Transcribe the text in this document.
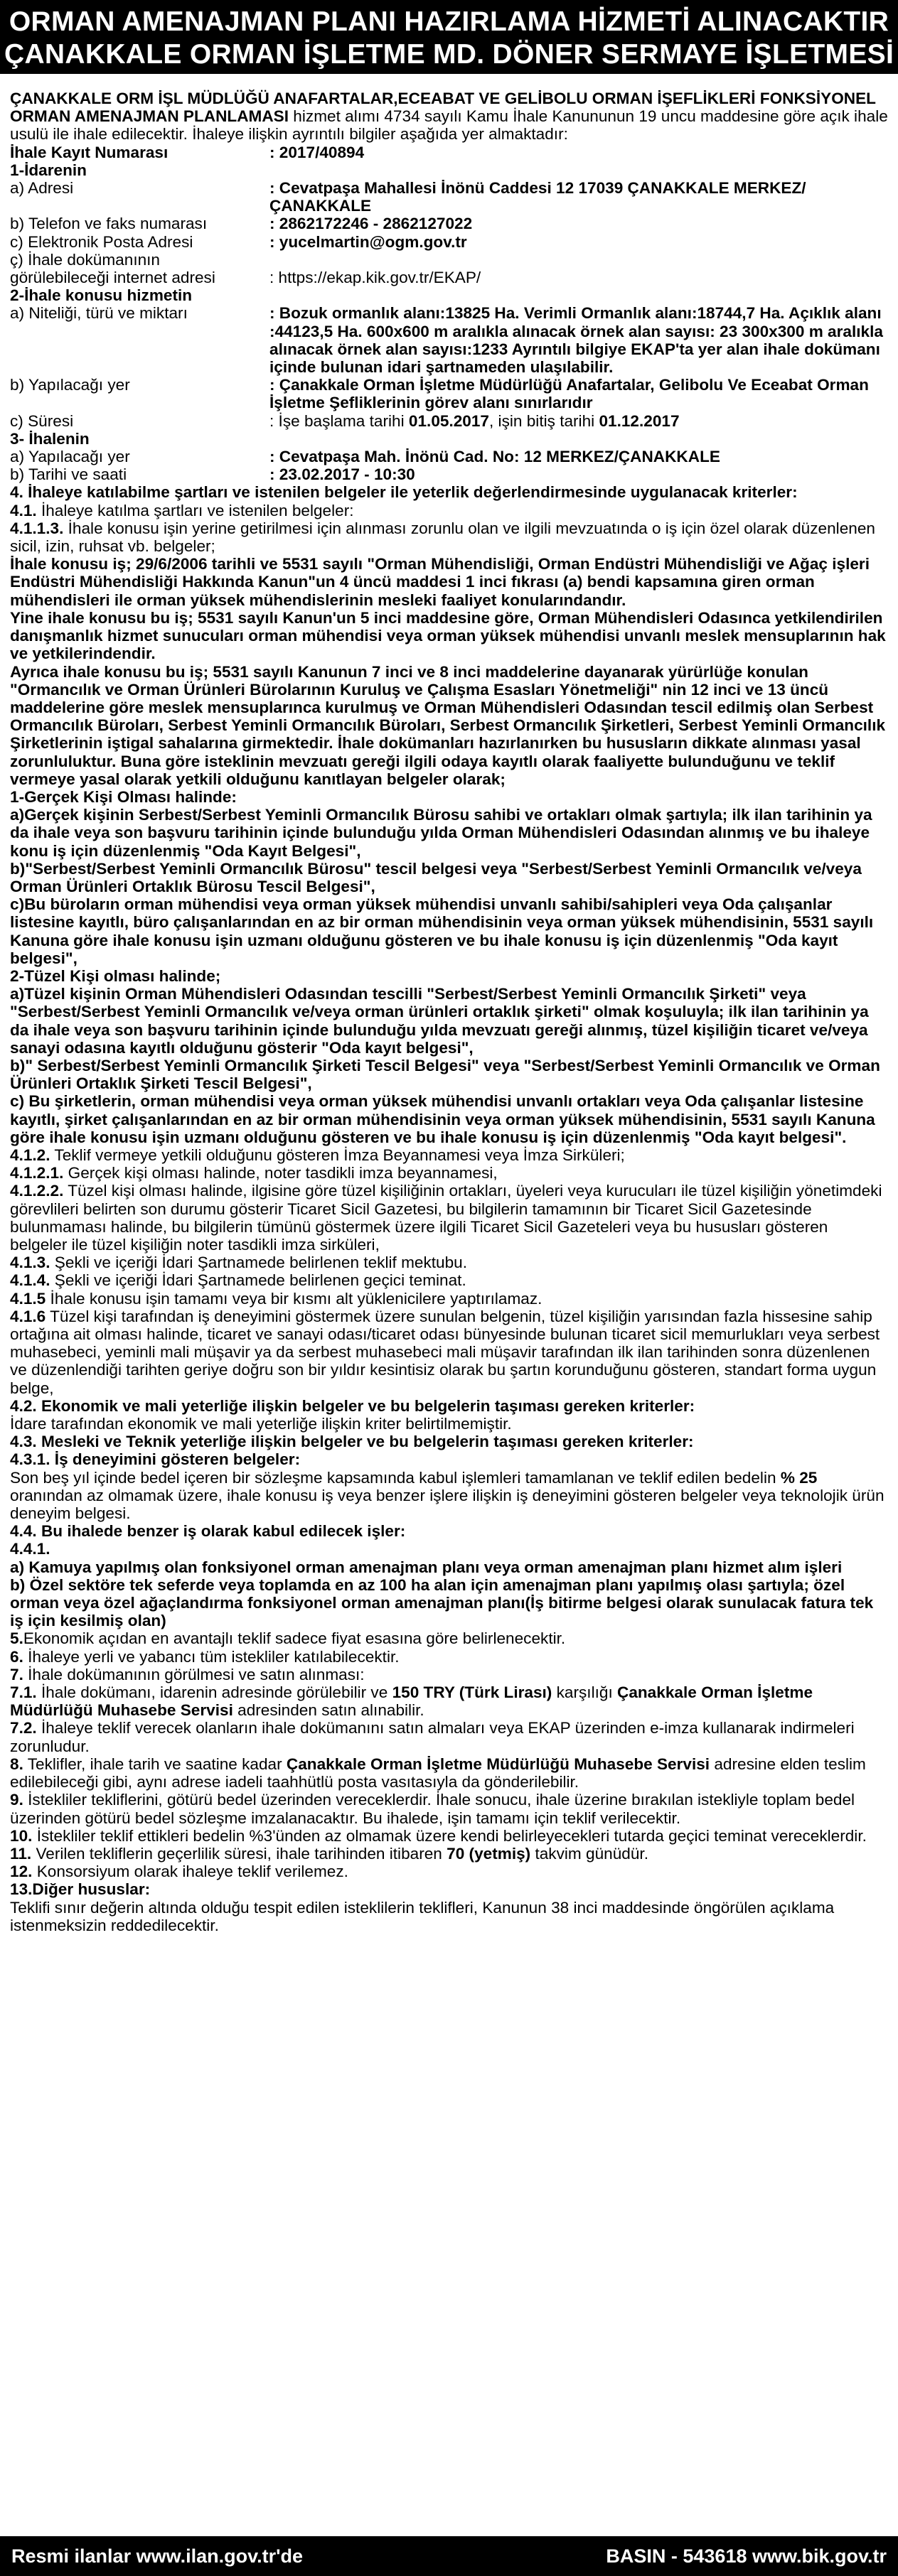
ORMAN AMENAJMAN PLANI HAZIRLAMA HİZMETİ ALINACAKTIR
ÇANAKKALE ORMAN İŞLETME MD. DÖNER SERMAYE İŞLETMESİ

ÇANAKKALE ORM İŞL MÜDLÜĞÜ ANAFARTALAR,ECEABAT VE GELİBOLU ORMAN İŞEFLİKLERİ FONKSİYONEL ORMAN AMENAJMAN PLANLAMASI hizmet alımı 4734 sayılı Kamu İhale Kanununun 19 uncu maddesine göre açık ihale usulü ile ihale edilecektir. İhaleye ilişkin ayrıntılı bilgiler aşağıda yer almaktadır:

İhale Kayıt Numarası	: 2017/40894

1-İdarenin

a) Adresi	: Cevatpaşa Mahallesi İnönü Caddesi 12 17039 ÇANAKKALE MERKEZ/ÇANAKKALE
b) Telefon ve faks numarası	: 2862172246 - 2862127022
c) Elektronik Posta Adresi	: yucelmartin@ogm.gov.tr

ç) İhale dokümanının

görülebileceği internet adresi	: https://ekap.kik.gov.tr/EKAP/

2-İhale konusu hizmetin

a) Niteliği, türü ve miktarı	: Bozuk ormanlık alanı:13825 Ha. Verimli Ormanlık alanı:18744,7 Ha. Açıklık alanı :44123,5 Ha. 600x600 m aralıkla alınacak örnek alan sayısı: 23 300x300 m aralıkla alınacak örnek alan sayısı:1233 Ayrıntılı bilgiye EKAP'ta yer alan ihale dokümanı içinde bulunan idari şartnameden ulaşılabilir.
b) Yapılacağı yer	: Çanakkale Orman İşletme Müdürlüğü Anafartalar, Gelibolu Ve Eceabat Orman İşletme Şefliklerinin görev alanı sınırlarıdır
c) Süresi	: İşe başlama tarihi 01.05.2017, işin bitiş tarihi 01.12.2017

3- İhalenin

a) Yapılacağı yer	: Cevatpaşa Mah. İnönü Cad. No: 12 MERKEZ/ÇANAKKALE
b) Tarihi ve saati	: 23.02.2017 - 10:30

4. İhaleye katılabilme şartları ve istenilen belgeler ile yeterlik değerlendirmesinde uygulanacak kriterler:

4.1. İhaleye katılma şartları ve istenilen belgeler:

4.1.1.3. İhale konusu işin yerine getirilmesi için alınması zorunlu olan ve ilgili mevzuatında o iş için özel olarak düzenlenen sicil, izin, ruhsat vb. belgeler;

İhale konusu iş; 29/6/2006 tarihli ve 5531 sayılı "Orman Mühendisliği, Orman Endüstri Mühendisliği ve Ağaç işleri Endüstri Mühendisliği Hakkında Kanun"un 4 üncü maddesi 1 inci fıkrası (a) bendi kapsamına giren orman mühendisleri ile orman yüksek mühendislerinin mesleki faaliyet konularındandır.

Yine ihale konusu bu iş; 5531 sayılı Kanun'un 5 inci maddesine göre, Orman Mühendisleri Odasınca yetkilendirilen danışmanlık hizmet sunucuları orman mühendisi veya orman yüksek mühendisi unvanlı meslek mensuplarının hak ve yetkilerindendir.

Ayrıca ihale konusu bu iş; 5531 sayılı Kanunun 7 inci ve 8 inci maddelerine dayanarak yürürlüğe konulan "Ormancılık ve Orman Ürünleri Bürolarının Kuruluş ve Çalışma Esasları Yönetmeliği" nin 12 inci ve 13 üncü maddelerine göre meslek mensuplarınca kurulmuş ve Orman Mühendisleri Odasından tescil edilmiş olan Serbest Ormancılık Büroları, Serbest Yeminli Ormancılık Büroları, Serbest Ormancılık Şirketleri, Serbest Yeminli Ormancılık Şirketlerinin iştigal sahalarına girmektedir. İhale dokümanları hazırlanırken bu hususların dikkate alınması yasal zorunluluktur. Buna göre isteklinin mevzuatı gereği ilgili odaya kayıtlı olarak faaliyette bulunduğunu ve teklif vermeye yasal olarak yetkili olduğunu kanıtlayan belgeler olarak;

1-Gerçek Kişi Olması halinde:

a)Gerçek kişinin Serbest/Serbest Yeminli Ormancılık Bürosu sahibi ve ortakları olmak şartıyla; ilk ilan tarihinin ya da ihale veya son başvuru tarihinin içinde bulunduğu yılda Orman Mühendisleri Odasından alınmış ve bu ihaleye konu iş için düzenlenmiş "Oda Kayıt Belgesi",

b)"Serbest/Serbest Yeminli Ormancılık Bürosu" tescil belgesi veya "Serbest/Serbest Yeminli Ormancılık ve/veya Orman Ürünleri Ortaklık Bürosu Tescil Belgesi",

c)Bu büroların orman mühendisi veya orman yüksek mühendisi unvanlı sahibi/sahipleri veya Oda çalışanlar listesine kayıtlı, büro çalışanlarından en az bir orman mühendisinin veya orman yüksek mühendisinin, 5531 sayılı Kanuna göre ihale konusu işin uzmanı olduğunu gösteren ve bu ihale konusu iş için düzenlenmiş "Oda kayıt belgesi",

2-Tüzel Kişi olması halinde;

a)Tüzel kişinin Orman Mühendisleri Odasından tescilli "Serbest/Serbest Yeminli Ormancılık Şirketi" veya "Serbest/Serbest Yeminli Ormancılık ve/veya orman ürünleri ortaklık şirketi" olmak koşuluyla; ilk ilan tarihinin ya da ihale veya son başvuru tarihinin içinde bulunduğu yılda mevzuatı gereği alınmış, tüzel kişiliğin ticaret ve/veya sanayi odasına kayıtlı olduğunu gösterir "Oda kayıt belgesi",

b)" Serbest/Serbest Yeminli Ormancılık Şirketi Tescil Belgesi" veya "Serbest/Serbest Yeminli Ormancılık ve Orman Ürünleri Ortaklık Şirketi Tescil Belgesi",

c) Bu şirketlerin, orman mühendisi veya orman yüksek mühendisi unvanlı ortakları veya Oda çalışanlar listesine kayıtlı, şirket çalışanlarından en az bir orman mühendisinin veya orman yüksek mühendisinin, 5531 sayılı Kanuna göre ihale konusu işin uzmanı olduğunu gösteren ve bu ihale konusu iş için düzenlenmiş "Oda kayıt belgesi".

4.1.2. Teklif vermeye yetkili olduğunu gösteren İmza Beyannamesi veya İmza Sirküleri;

4.1.2.1. Gerçek kişi olması halinde, noter tasdikli imza beyannamesi,

4.1.2.2. Tüzel kişi olması halinde, ilgisine göre tüzel kişiliğinin ortakları, üyeleri veya kurucuları ile tüzel kişiliğin yönetimdeki görevlileri belirten son durumu gösterir Ticaret Sicil Gazetesi, bu bilgilerin tamamının bir Ticaret Sicil Gazetesinde bulunmaması halinde, bu bilgilerin tümünü göstermek üzere ilgili Ticaret Sicil Gazeteleri veya bu hususları gösteren belgeler ile tüzel kişiliğin noter tasdikli imza sirküleri,

4.1.3. Şekli ve içeriği İdari Şartnamede belirlenen teklif mektubu.

4.1.4. Şekli ve içeriği İdari Şartnamede belirlenen geçici teminat.

4.1.5 İhale konusu işin tamamı veya bir kısmı alt yüklenicilere yaptırılamaz.

4.1.6 Tüzel kişi tarafından iş deneyimini göstermek üzere sunulan belgenin, tüzel kişiliğin yarısından fazla hissesine sahip ortağına ait olması halinde, ticaret ve sanayi odası/ticaret odası bünyesinde bulunan ticaret sicil memurlukları veya serbest muhasebeci, yeminli mali müşavir ya da serbest muhasebeci mali müşavir tarafından ilk ilan tarihinden sonra düzenlenen ve düzenlendiği tarihten geriye doğru son bir yıldır kesintisiz olarak bu şartın korunduğunu gösteren, standart forma uygun belge,

4.2. Ekonomik ve mali yeterliğe ilişkin belgeler ve bu belgelerin taşıması gereken kriterler:

İdare tarafından ekonomik ve mali yeterliğe ilişkin kriter belirtilmemiştir.

4.3. Mesleki ve Teknik yeterliğe ilişkin belgeler ve bu belgelerin taşıması gereken kriterler:

4.3.1. İş deneyimini gösteren belgeler:

Son beş yıl içinde bedel içeren bir sözleşme kapsamında kabul işlemleri tamamlanan ve teklif edilen bedelin % 25 oranından az olmamak üzere, ihale konusu iş veya benzer işlere ilişkin iş deneyimini gösteren belgeler veya teknolojik ürün deneyim belgesi.

4.4. Bu ihalede benzer iş olarak kabul edilecek işler:

4.4.1.

a) Kamuya yapılmış olan fonksiyonel orman amenajman planı veya orman amenajman planı hizmet alım işleri

b) Özel sektöre tek seferde veya toplamda en az 100 ha alan için amenajman planı yapılmış olası şartıyla; özel orman veya özel ağaçlandırma fonksiyonel orman amenajman planı(İş bitirme belgesi olarak sunulacak fatura tek iş için kesilmiş olan)

5.Ekonomik açıdan en avantajlı teklif sadece fiyat esasına göre belirlenecektir.

6. İhaleye yerli ve yabancı tüm istekliler katılabilecektir.

7. İhale dokümanının görülmesi ve satın alınması:

7.1. İhale dokümanı, idarenin adresinde görülebilir ve 150 TRY (Türk Lirası) karşılığı Çanakkale Orman İşletme Müdürlüğü Muhasebe Servisi adresinden satın alınabilir.

7.2. İhaleye teklif verecek olanların ihale dokümanını satın almaları veya EKAP üzerinden e-imza kullanarak indirmeleri zorunludur.

8. Teklifler, ihale tarih ve saatine kadar Çanakkale Orman İşletme Müdürlüğü Muhasebe Servisi adresine elden teslim edilebileceği gibi, aynı adrese iadeli taahhütlü posta vasıtasıyla da gönderilebilir.

9. İstekliler tekliflerini, götürü bedel üzerinden vereceklerdir. İhale sonucu, ihale üzerine bırakılan istekliyle toplam bedel üzerinden götürü bedel sözleşme imzalanacaktır. Bu ihalede, işin tamamı için teklif verilecektir.

10. İstekliler teklif ettikleri bedelin %3'ünden az olmamak üzere kendi belirleyecekleri tutarda geçici teminat vereceklerdir.

11. Verilen tekliflerin geçerlilik süresi, ihale tarihinden itibaren 70 (yetmiş) takvim günüdür.

12. Konsorsiyum olarak ihaleye teklif verilemez.

13.Diğer hususlar:

Teklifi sınır değerin altında olduğu tespit edilen isteklilerin teklifleri, Kanunun 38 inci maddesinde öngörülen açıklama istenmeksizin reddedilecektir.

Resmi ilanlar www.ilan.gov.tr'de	BASIN - 543618 www.bik.gov.tr
